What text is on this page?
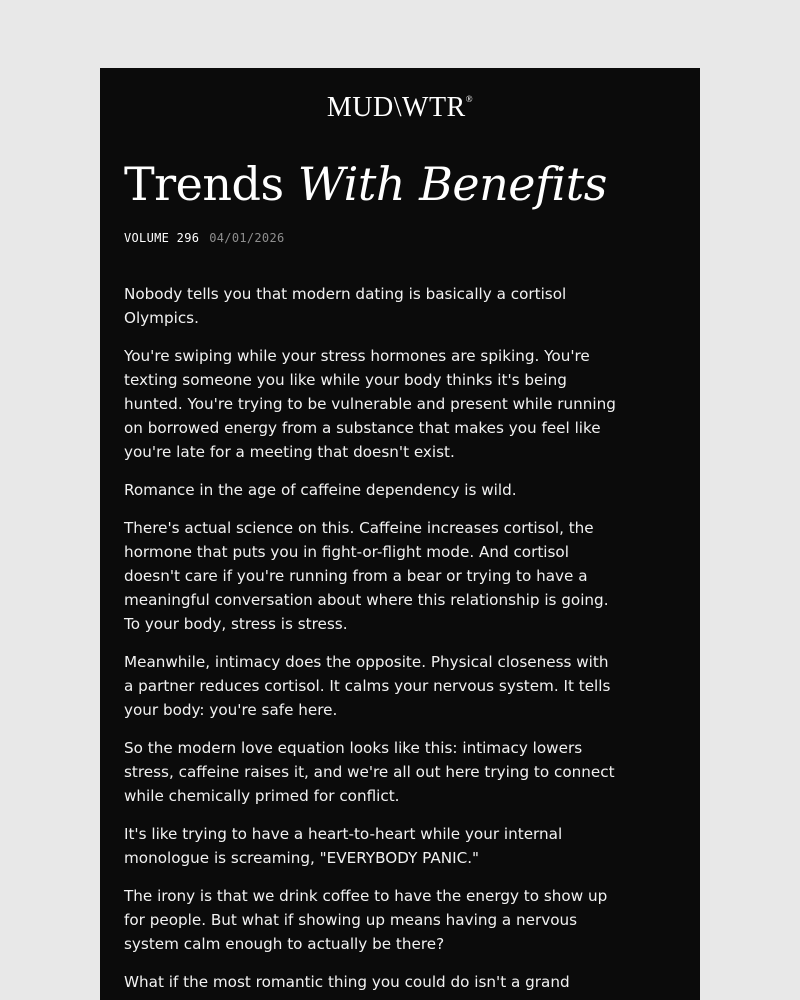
MUD\WTR®
Trends With Benefits
VOLUME 296 04/01/2026

Nobody tells you that modern dating is basically a cortisol Olympics.

You're swiping while your stress hormones are spiking. You're texting someone you like while your body thinks it's being hunted. You're trying to be vulnerable and present while running on borrowed energy from a substance that makes you feel like you're late for a meeting that doesn't exist.

Romance in the age of caffeine dependency is wild.

There's actual science on this. Caffeine increases cortisol, the hormone that puts you in fight-or-flight mode. And cortisol doesn't care if you're running from a bear or trying to have a meaningful conversation about where this relationship is going. To your body, stress is stress.

Meanwhile, intimacy does the opposite. Physical closeness with a partner reduces cortisol. It calms your nervous system. It tells your body: you're safe here.

So the modern love equation looks like this: intimacy lowers stress, caffeine raises it, and we're all out here trying to connect while chemically primed for conflict.

It's like trying to have a heart-to-heart while your internal monologue is screaming, "EVERYBODY PANIC."

The irony is that we drink coffee to have the energy to show up for people. But what if showing up means having a nervous system calm enough to actually be there?

What if the most romantic thing you could do isn't a grand
